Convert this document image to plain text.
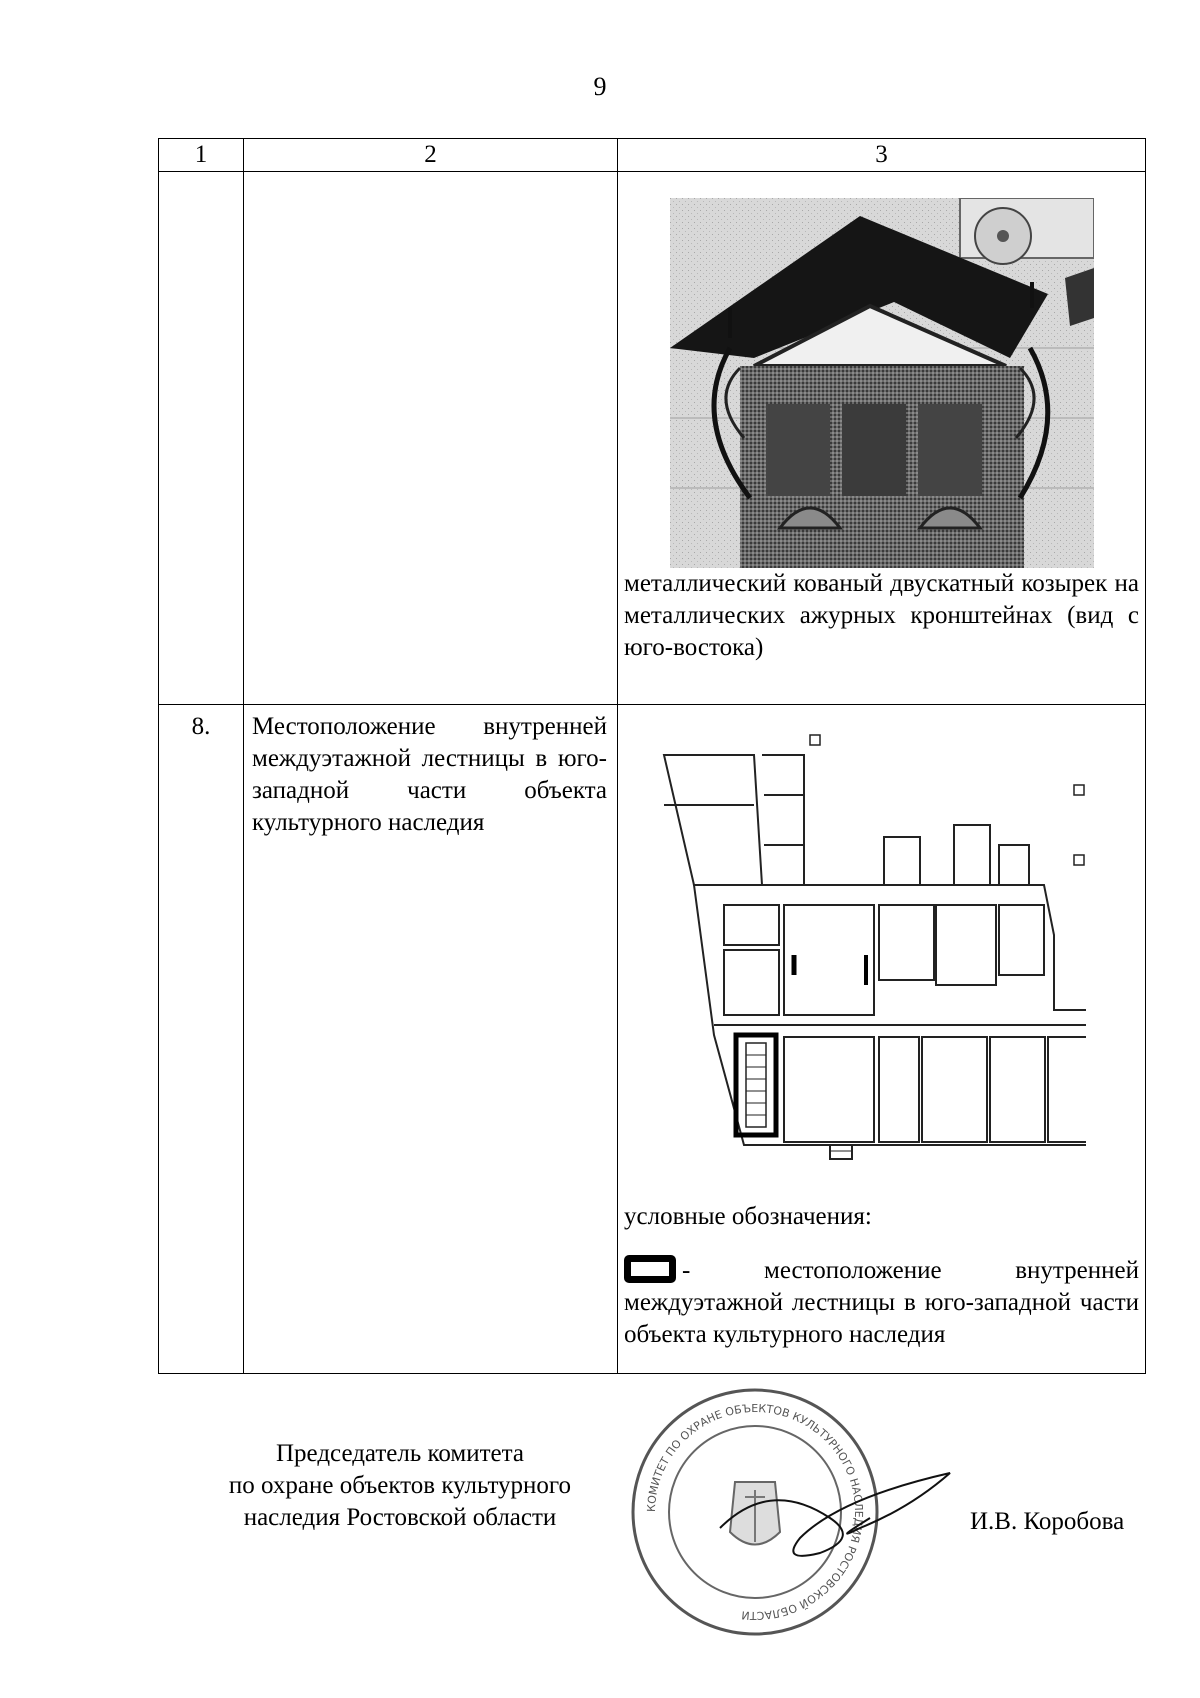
9
1	2	3

		металлический кованый двускатный козырек на металлических ажурных кронштейнах (вид с юго-востока)

8.	Местоположение внутренней междуэтажной лестницы в юго-западной части объекта культурного наследия	условные обозначения:
- местоположение внутренней междуэтажной лестницы в юго-западной части объекта культурного наследия
Председатель комитета
по охране объектов культурного
наследия Ростовской области	КОМИТЕТ ПО ОХРАНЕ ОБЪЕКТОВ КУЛЬТУРНОГО НАСЛЕДИЯ РОСТОВСКОЙ ОБЛАСТИ
И.В. Коробова
